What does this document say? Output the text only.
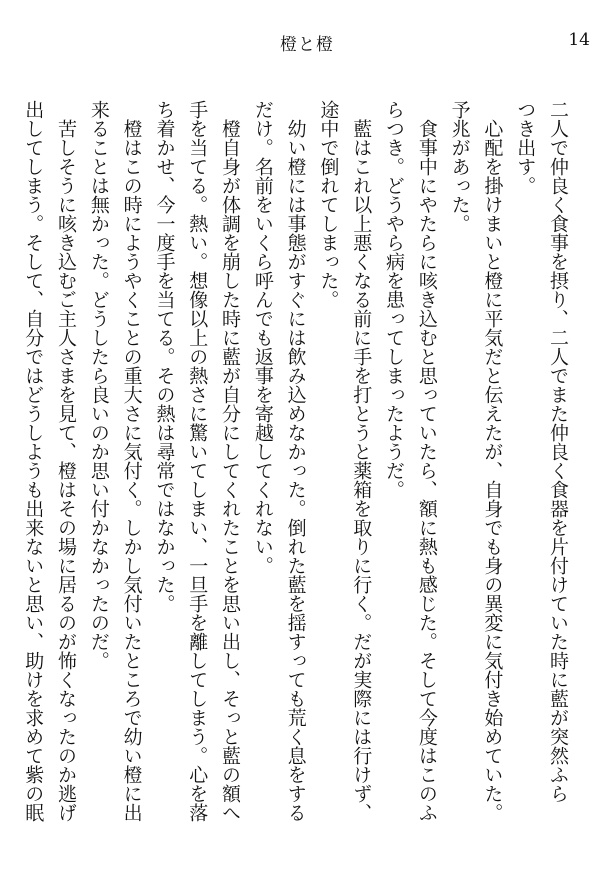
橙と橙	14

二人で仲良く食事を摂り、二人でまた仲良く食器を片付けていた時に藍が突然ふら
つき出す。

　心配を掛けまいと橙に平気だと伝えたが、自身でも身の異変に気付き始めていた。
予兆があった。

　食事中にやたらに咳き込むと思っていたら、額に熱も感じた。そして今度はこのふ
らつき。どうやら病を患ってしまったようだ。

　藍はこれ以上悪くなる前に手を打とうと薬箱を取りに行く。だが実際には行けず、
途中で倒れてしまった。

　幼い橙には事態がすぐには飲み込めなかった。倒れた藍を揺すっても荒く息をする
だけ。名前をいくら呼んでも返事を寄越してくれない。

　橙自身が体調を崩した時に藍が自分にしてくれたことを思い出し、そっと藍の額へ
手を当てる。熱い。想像以上の熱さに驚いてしまい、一旦手を離してしまう。心を落
ち着かせ、今一度手を当てる。その熱は尋常ではなかった。

　橙はこの時にようやくことの重大さに気付く。しかし気付いたところで幼い橙に出
来ることは無かった。どうしたら良いのか思い付かなかったのだ。

　苦しそうに咳き込むご主人さまを見て、橙はその場に居るのが怖くなったのか逃げ
出してしまう。そして、自分ではどうしようも出来ないと思い、助けを求めて紫の眠
